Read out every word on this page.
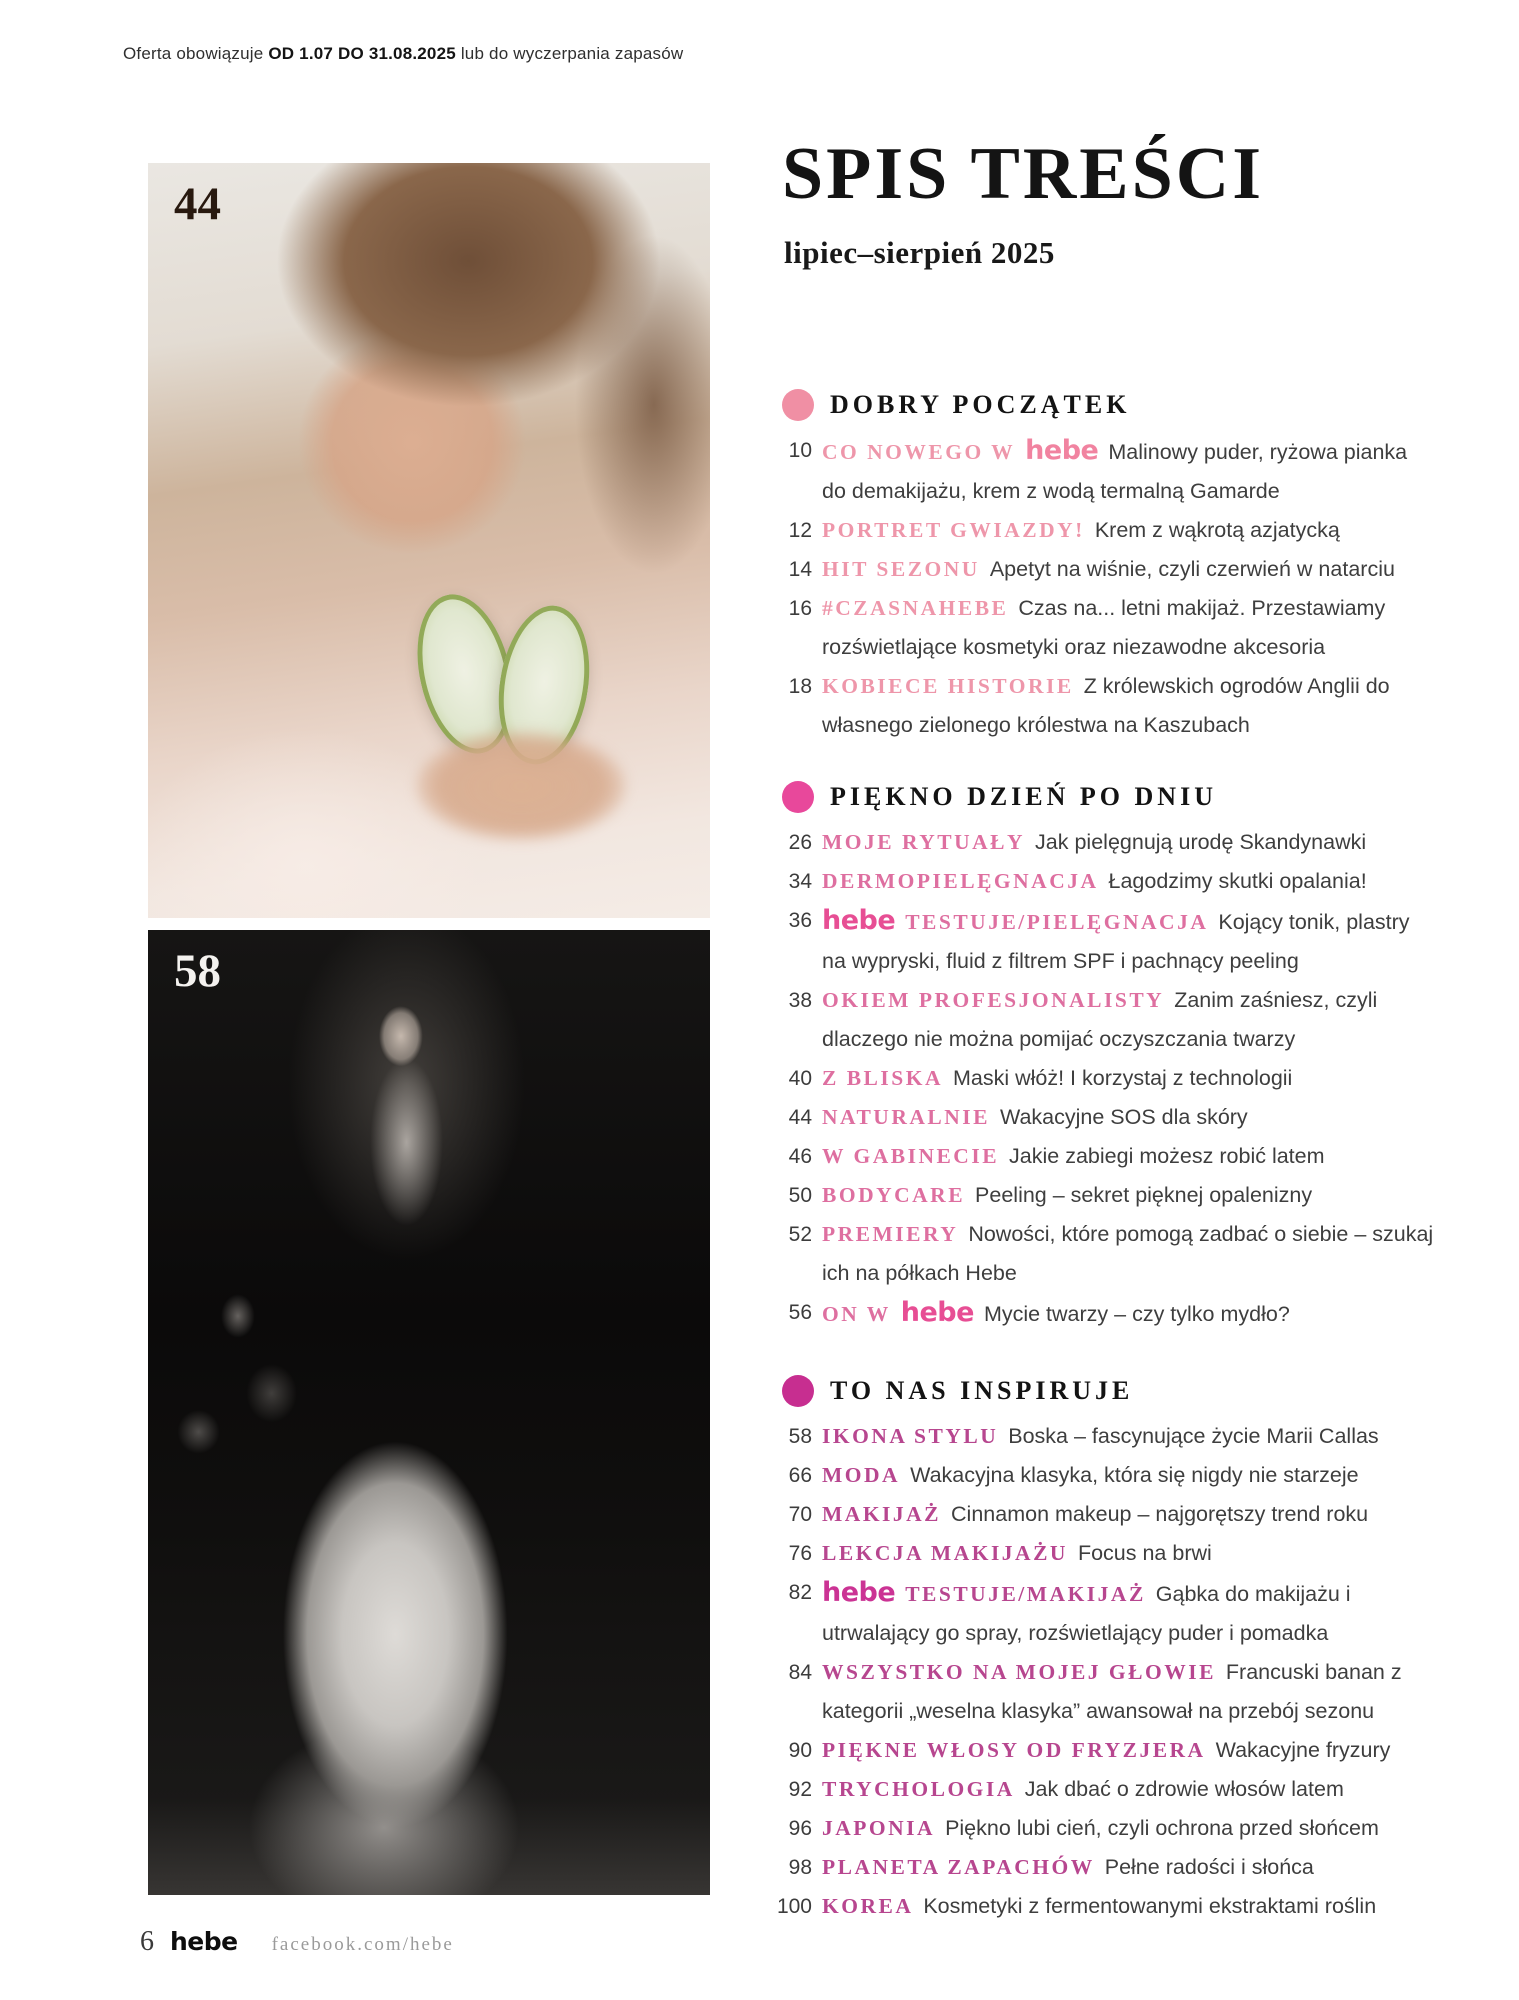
Oferta obowiązuje OD 1.07 DO 31.08.2025 lub do wyczerpania zapasów
44
58
SPIS TREŚCI
lipiec–sierpień 2025
DOBRY POCZĄTEK
10 CO NOWEGO W hebe Malinowy puder, ryżowa pianka do demakijażu, krem z wodą termalną Gamarde
12 PORTRET GWIAZDY! Krem z wąkrotą azjatycką
14 HIT SEZONU Apetyt na wiśnie, czyli czerwień w natarciu
16 #CZASNAHEBE Czas na... letni makijaż. Przestawiamy rozświetlające kosmetyki oraz niezawodne akcesoria
18 KOBIECE HISTORIE Z królewskich ogrodów Anglii do własnego zielonego królestwa na Kaszubach
PIĘKNO DZIEŃ PO DNIU
26 MOJE RYTUAŁY Jak pielęgnują urodę Skandynawki
34 DERMOPIELĘGNACJA Łagodzimy skutki opalania!
36 hebe TESTUJE/PIELĘGNACJA Kojący tonik, plastry na wypryski, fluid z filtrem SPF i pachnący peeling
38 OKIEM PROFESJONALISTY Zanim zaśniesz, czyli dlaczego nie można pomijać oczyszczania twarzy
40 Z BLISKA Maski włóż! I korzystaj z technologii
44 NATURALNIE Wakacyjne SOS dla skóry
46 W GABINECIE Jakie zabiegi możesz robić latem
50 BODYCARE Peeling – sekret pięknej opalenizny
52 PREMIERY Nowości, które pomogą zadbać o siebie – szukaj ich na półkach Hebe
56 ON W hebe Mycie twarzy – czy tylko mydło?
TO NAS INSPIRUJE
58 IKONA STYLU Boska – fascynujące życie Marii Callas
66 MODA Wakacyjna klasyka, która się nigdy nie starzeje
70 MAKIJAŻ Cinnamon makeup – najgorętszy trend roku
76 LEKCJA MAKIJAŻU Focus na brwi
82 hebe TESTUJE/MAKIJAŻ Gąbka do makijażu i utrwalający go spray, rozświetlający puder i pomadka
84 WSZYSTKO NA MOJEJ GŁOWIE Francuski banan z kategorii „weselna klasyka” awansował na przebój sezonu
90 PIĘKNE WŁOSY OD FRYZJERA Wakacyjne fryzury
92 TRYCHOLOGIA Jak dbać o zdrowie włosów latem
96 JAPONIA Piękno lubi cień, czyli ochrona przed słońcem
98 PLANETA ZAPACHÓW Pełne radości i słońca
100 KOREA Kosmetyki z fermentowanymi ekstraktami roślin
6 hebe facebook.com/hebe
